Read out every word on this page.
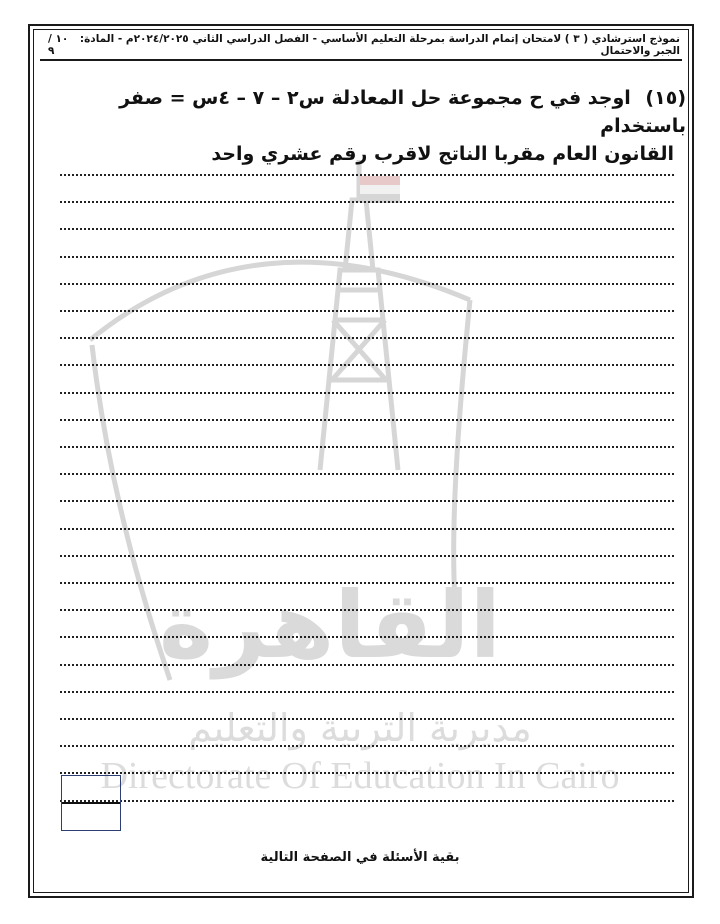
القاهرة
مديرية التربية والتعليم
Directorate Of Education In Cairo
نموذج استرشادي ( ٣ ) لامتحان إتمام الدراسة بمرحلة التعليم الأساسي - الفصل الدراسي الثاني ٢٠٢٤/٢٠٢٥م - المادة: الجبر والاحتمال
١٠ / ٩
(١٥) اوجد في ح مجموعة حل المعادلة س٢ – ٧ – ٤س = صفر باستخدام
القانون العام مقربا الناتج لاقرب رقم عشري واحد
بقية الأسئلة في الصفحة التالية
